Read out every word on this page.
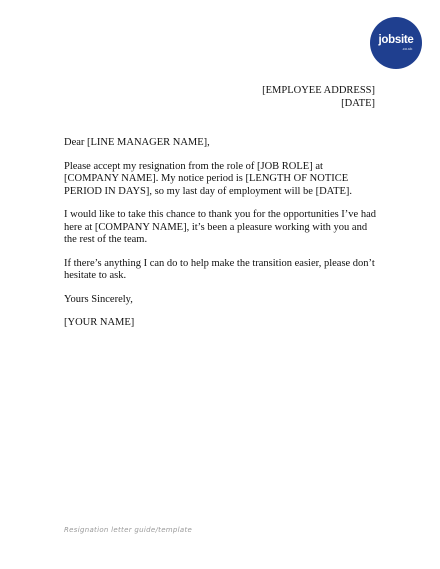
jobsite
.co.uk
[EMPLOYEE ADDRESS]
[DATE]

Dear [LINE MANAGER NAME],

Please accept my resignation from the role of [JOB ROLE] at [COMPANY NAME]. My notice period is [LENGTH OF NOTICE PERIOD IN DAYS], so my last day of employment will be [DATE].

I would like to take this chance to thank you for the opportunities I’ve had here at [COMPANY NAME], it’s been a pleasure working with you and the rest of the team.

If there’s anything I can do to help make the transition easier, please don’t hesitate to ask.

Yours Sincerely,

[YOUR NAME]

Resignation letter guide/template
